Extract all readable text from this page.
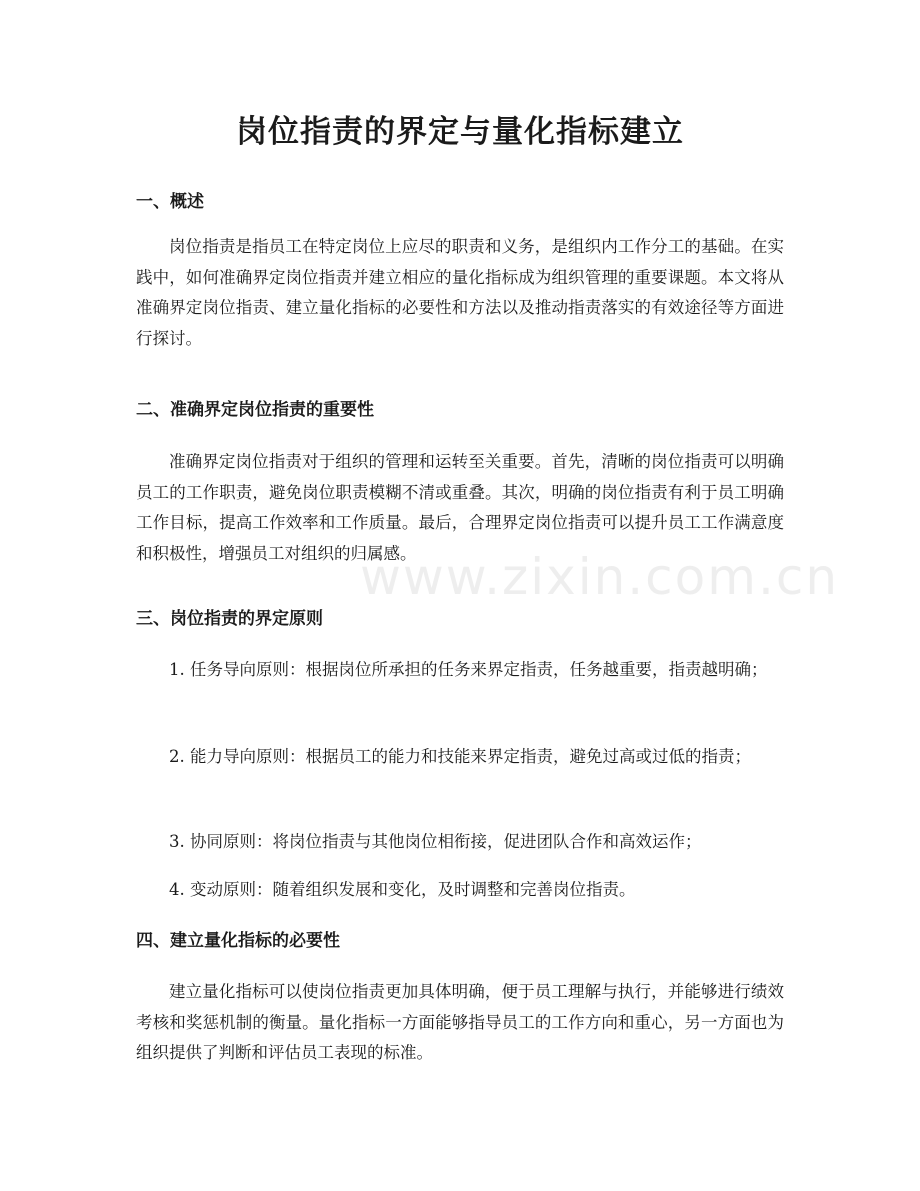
岗位指责的界定与量化指标建立
一、概述

岗位指责是指员工在特定岗位上应尽的职责和义务，是组织内工作分工的基础。在实践中，如何准确界定岗位指责并建立相应的量化指标成为组织管理的重要课题。本文将从准确界定岗位指责、建立量化指标的必要性和方法以及推动指责落实的有效途径等方面进行探讨。

二、准确界定岗位指责的重要性

准确界定岗位指责对于组织的管理和运转至关重要。首先，清晰的岗位指责可以明确员工的工作职责，避免岗位职责模糊不清或重叠。其次，明确的岗位指责有利于员工明确工作目标，提高工作效率和工作质量。最后，合理界定岗位指责可以提升员工工作满意度和积极性，增强员工对组织的归属感。

三、岗位指责的界定原则

1. 任务导向原则：根据岗位所承担的任务来界定指责，任务越重要，指责越明确；

2. 能力导向原则：根据员工的能力和技能来界定指责，避免过高或过低的指责；

3. 协同原则：将岗位指责与其他岗位相衔接，促进团队合作和高效运作；

4. 变动原则：随着组织发展和变化，及时调整和完善岗位指责。

四、建立量化指标的必要性

建立量化指标可以使岗位指责更加具体明确，便于员工理解与执行，并能够进行绩效考核和奖惩机制的衡量。量化指标一方面能够指导员工的工作方向和重心，另一方面也为组织提供了判断和评估员工表现的标准。

www.zixin.com.cn
